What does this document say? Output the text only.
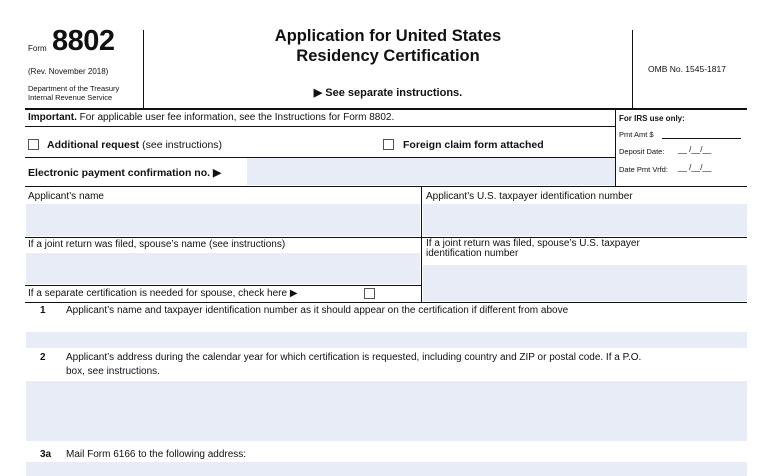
Form 8802
(Rev. November 2018)
Department of the Treasury
Internal Revenue Service
Application for United States
Residency Certification
▶ See separate instructions.
OMB No. 1545-1817
Important. For applicable user fee information, see the Instructions for Form 8802.	For IRS use only:
Pmt Amt $
Deposit Date: __ /__/__
Date Pmt Vrfd: __ /__/__
Additional request (see instructions)	Foreign claim form attached
Electronic payment confirmation no. ▶
Applicant’s name	Applicant’s U.S. taxpayer identification number
If a joint return was filed, spouse’s name (see instructions)	If a joint return was filed, spouse’s U.S. taxpayer
identification number
If a separate certification is needed for spouse, check here ▶
1 Applicant’s name and taxpayer identification number as it should appear on the certification if different from above
2 Applicant’s address during the calendar year for which certification is requested, including country and ZIP or postal code. If a P.O.
box, see instructions.
3a Mail Form 6166 to the following address:
